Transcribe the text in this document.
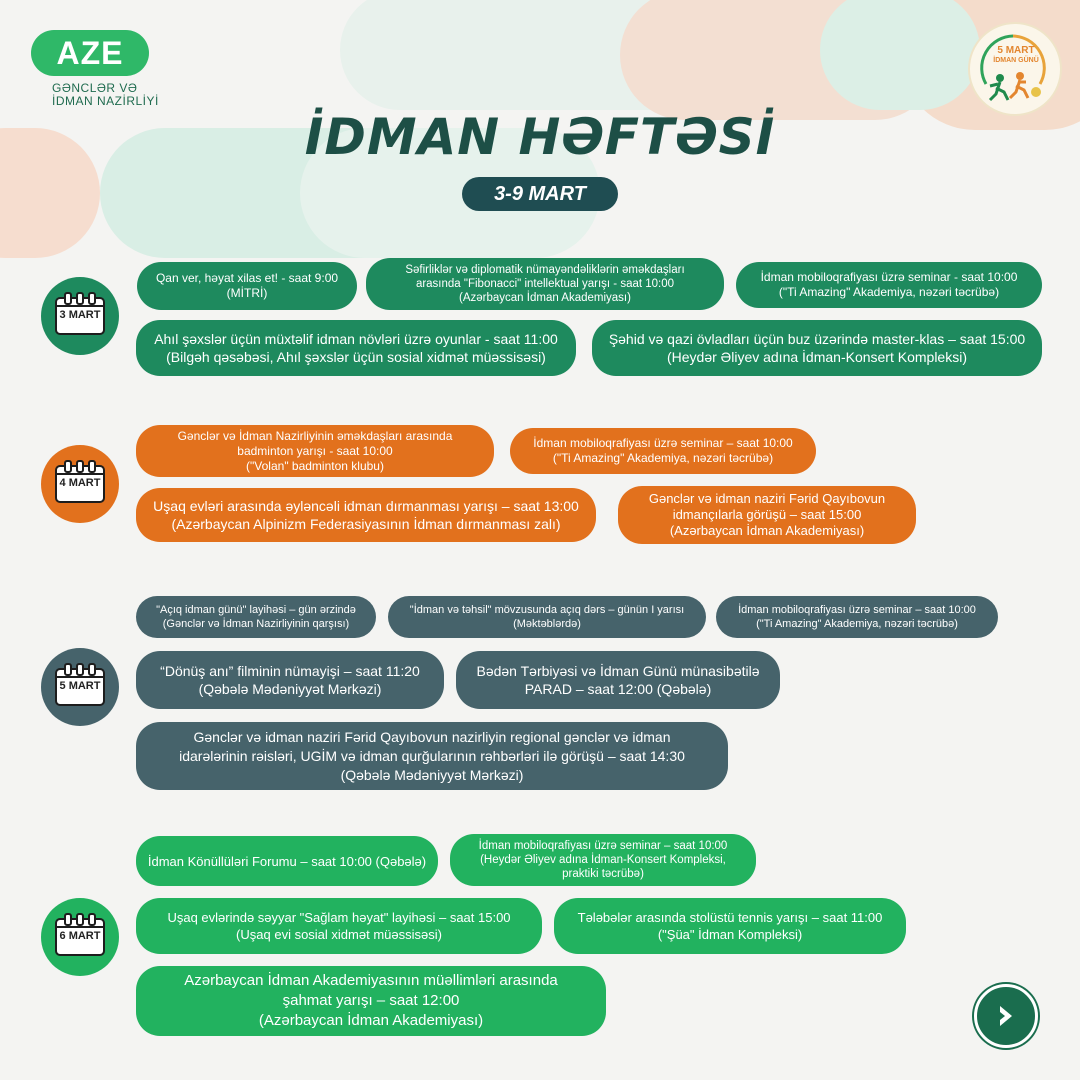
AZE
GƏNCLƏR VƏ
İDMAN NAZİRLİYİ
5 MART
İDMAN GÜNÜ
İDMAN HƏFTƏSİ
3-9 MART
3 MART
Qan ver, həyat xilas et! - saat 9:00
(MİTRİ)
Səfirliklər və diplomatik nümayəndəliklərin əməkdaşları
arasında "Fibonacci" intellektual yarışı - saat 10:00
(Azərbaycan İdman Akademiyası)
İdman mobiloqrafiyası üzrə seminar - saat 10:00
("Ti Amazing" Akademiya, nəzəri təcrübə)
Ahıl şəxslər üçün müxtəlif idman növləri üzrə oyunlar - saat 11:00
(Bilgəh qəsəbəsi, Ahıl şəxslər üçün sosial xidmət müəssisəsi)
Şəhid və qazi övladları üçün buz üzərində master-klas – saat 15:00
(Heydər Əliyev adına İdman-Konsert Kompleksi)
4 MART
Gənclər və İdman Nazirliyinin əməkdaşları arasında
badminton yarışı - saat 10:00
("Volan" badminton klubu)
İdman mobiloqrafiyası üzrə seminar – saat 10:00
("Ti Amazing" Akademiya, nəzəri təcrübə)
Uşaq evləri arasında əyləncəli idman dırmanması yarışı – saat 13:00
(Azərbaycan Alpinizm Federasiyasının İdman dırmanması zalı)
Gənclər və idman naziri Fərid Qayıbovun
idmançılarla görüşü – saat 15:00
(Azərbaycan İdman Akademiyası)
5 MART
"Açıq idman günü" layihəsi – gün ərzində
(Gənclər və İdman Nazirliyinin qarşısı)
"İdman və təhsil" mövzusunda açıq dərs – günün I yarısı
(Məktəblərdə)
İdman mobiloqrafiyası üzrə seminar – saat 10:00
("Ti Amazing" Akademiya, nəzəri təcrübə)
“Dönüş anı” filminin nümayişi – saat 11:20
(Qəbələ Mədəniyyət Mərkəzi)
Bədən Tərbiyəsi və İdman Günü münasibətilə
PARAD – saat 12:00 (Qəbələ)
Gənclər və idman naziri Fərid Qayıbovun nazirliyin regional gənclər və idman
idarələrinin rəisləri, UGİM və idman qurğularının rəhbərləri ilə görüşü – saat 14:30
(Qəbələ Mədəniyyət Mərkəzi)
6 MART
İdman Könüllüləri Forumu – saat 10:00 (Qəbələ)
İdman mobiloqrafiyası üzrə seminar – saat 10:00
(Heydər Əliyev adına İdman-Konsert Kompleksi,
praktiki təcrübə)
Uşaq evlərində səyyar "Sağlam həyat" layihəsi – saat 15:00
(Uşaq evi sosial xidmət müəssisəsi)
Tələbələr arasında stolüstü tennis yarışı – saat 11:00
("Şüa" İdman Kompleksi)
Azərbaycan İdman Akademiyasının müəllimləri arasında
şahmat yarışı – saat 12:00
(Azərbaycan İdman Akademiyası)
